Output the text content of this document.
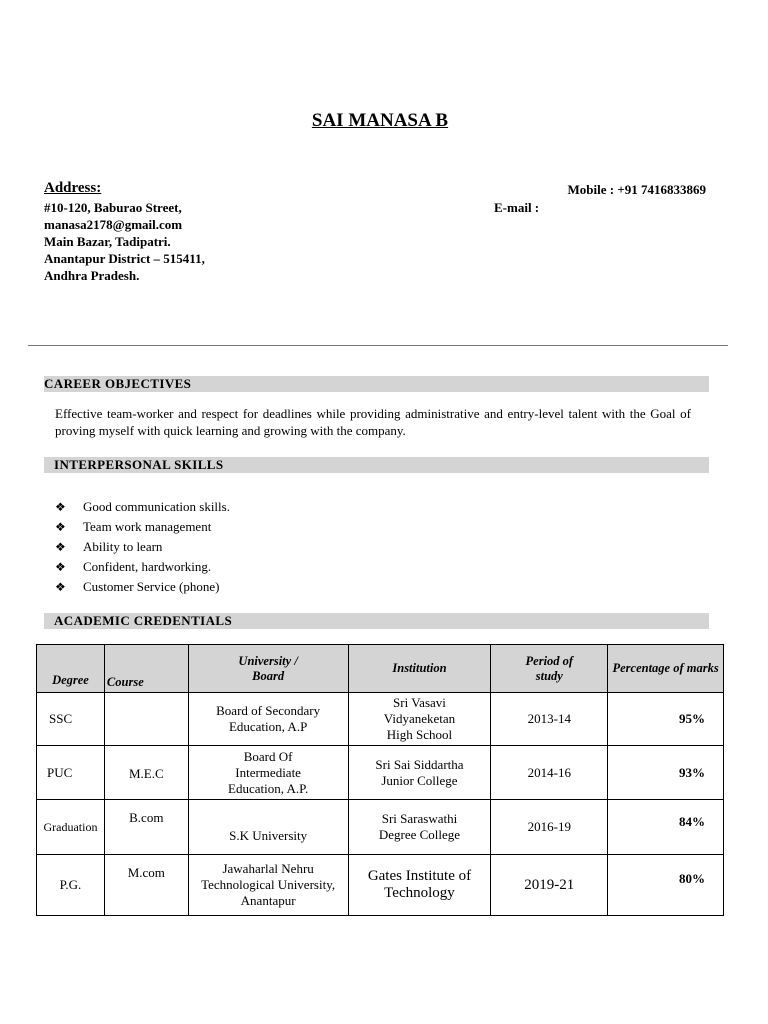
SAI MANASA B
Address:
#10-120, Baburao Street,
manasa2178@gmail.com
Main Bazar, Tadipatri.
Anantapur District – 515411,
Andhra Pradesh.
Mobile : +91 7416833869
E-mail :
CAREER OBJECTIVES
Effective team-worker and respect for deadlines while providing administrative and entry-level talent with the Goal of proving myself with quick learning and growing with the company.
INTERPERSONAL SKILLS
❖	Good communication skills.
❖	Team work management
❖	Ability to learn
❖	Confident, hardworking.
❖	Customer Service (phone)
ACADEMIC CREDENTIALS
Degree	Course	University / Board	Institution	Period of study	Percentage of marks
SSC		Board of Secondary Education, A.P	Sri Vasavi Vidyaneketan High School	2013-14	95%
PUC	M.E.C	Board Of Intermediate Education, A.P.	Sri Sai Siddartha Junior College	2014-16	93%
Graduation	B.com	S.K University	Sri Saraswathi Degree College	2016-19	84%
P.G.	M.com	Jawaharlal Nehru Technological University, Anantapur	Gates Institute of Technology	2019-21	80%
